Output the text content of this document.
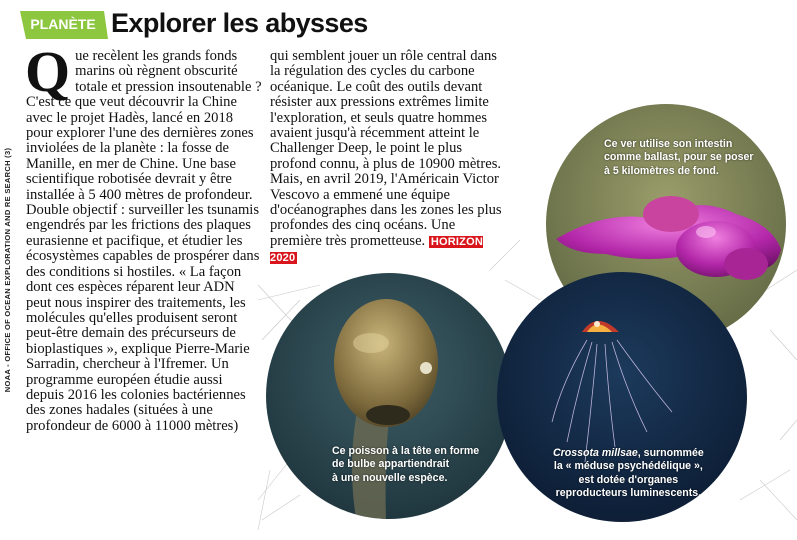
NOAA - OFFICE OF OCEAN EXPLORATION AND RE SEARCH (3)
PLANÈTE Explorer les abysses
Q ue recèlent les grands fonds marins où règnent obscurité totale et pression insoutenable ? C'est ce que veut découvrir la Chine avec le projet Hadès, lancé en 2018 pour explorer l'une des dernières zones inviolées de la planète : la fosse de Manille, en mer de Chine. Une base scientifique robotisée devrait y être installée à 5 400 mètres de profondeur. Double objectif : surveiller les tsunamis engendrés par les frictions des plaques eurasienne et pacifique, et étudier les écosystèmes capables de prospérer dans des conditions si hostiles. « La façon dont ces espèces réparent leur ADN peut nous inspirer des traitements, les molécules qu'elles produisent seront peut-être demain des précurseurs de bioplastiques », explique Pierre-Marie Sarradin, chercheur à l'Ifremer. Un programme européen étudie aussi depuis 2016 les colonies bactériennes des zones hadales (situées à une profondeur de 6000 à 11000 mètres)

qui semblent jouer un rôle central dans la régulation des cycles du carbone océanique. Le coût des outils devant résister aux pressions extrêmes limite l'exploration, et seuls quatre hommes avaient jusqu'à récemment atteint le Challenger Deep, le point le plus profond connu, à plus de 10900 mètres. Mais, en avril 2019, l'Américain Victor Vescovo a emmené une équipe d'océanographes dans les zones les plus profondes des cinq océans. Une première très prometteuse. HORIZON 2020

Ce ver utilise son intestin
comme ballast, pour se poser
à 5 kilomètres de fond.
Ce poisson à la tête en forme
de bulbe appartiendrait
à une nouvelle espèce.
Crossota millsae, surnommée
la « méduse psychédélique »,
est dotée d'organes
reproducteurs luminescents.
